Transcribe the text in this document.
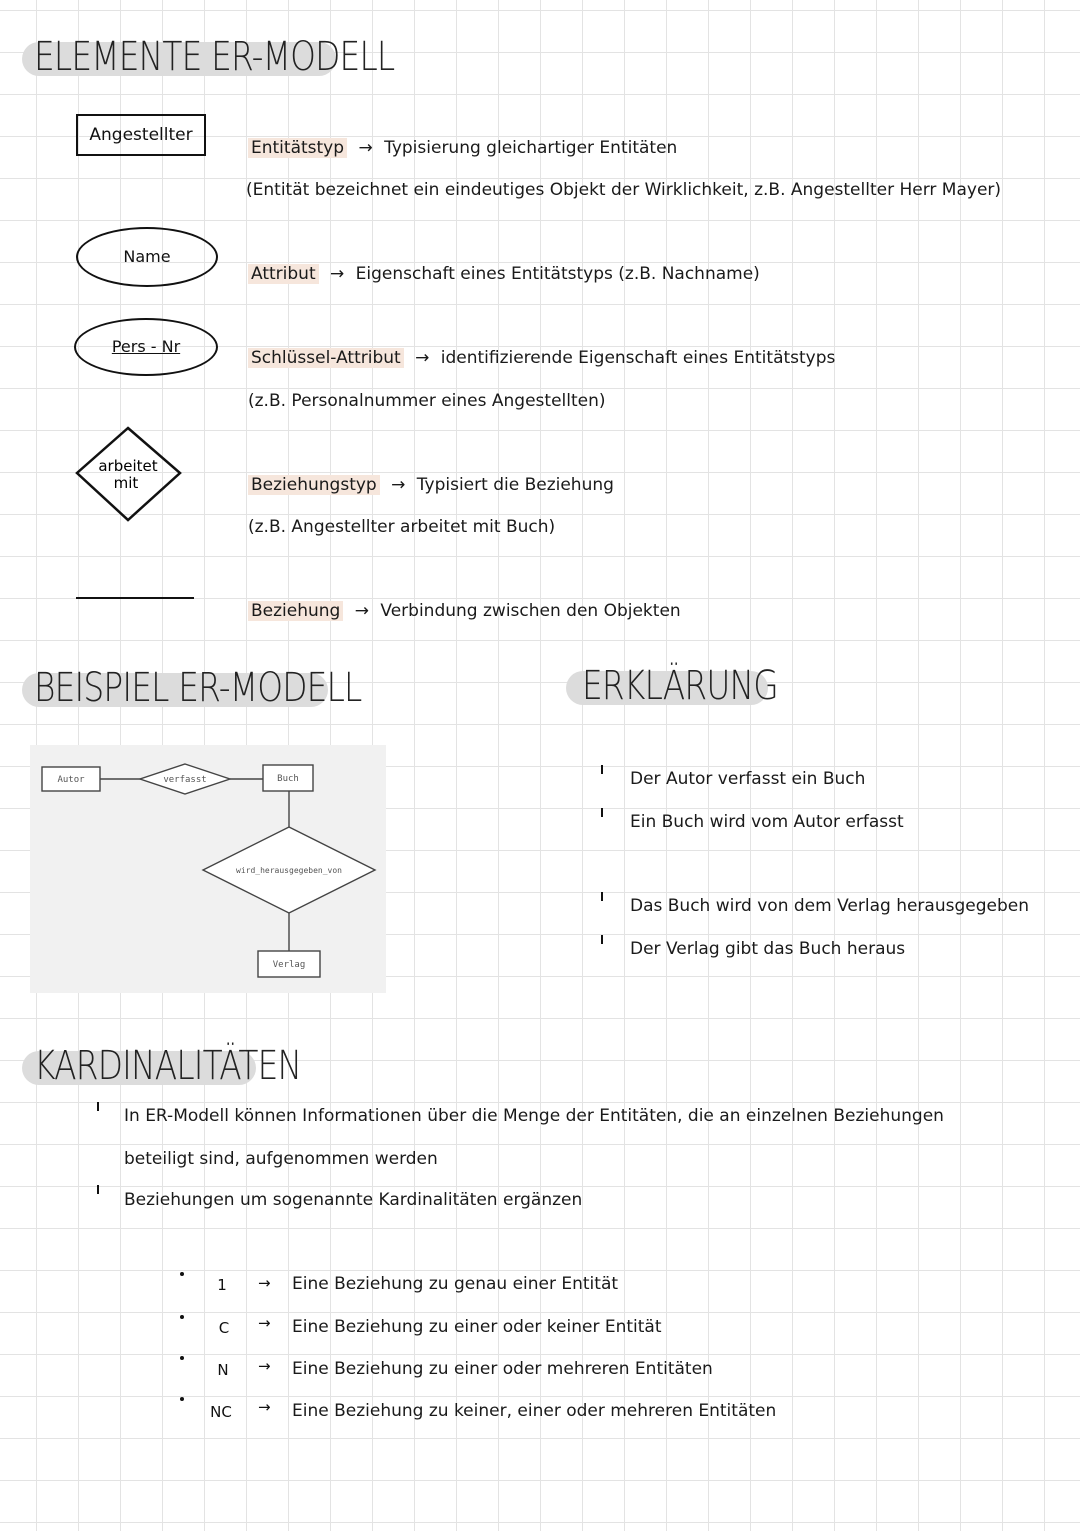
ELEMENTE ER-MODELL
Angestellter
Name
Pers - Nr
arbeitet
mit
Entitätstyp → Typisierung gleichartiger Entitäten
(Entität bezeichnet ein eindeutiges Objekt der Wirklichkeit, z.B. Angestellter Herr Mayer)
Attribut → Eigenschaft eines Entitätstyps (z.B. Nachname)
Schlüssel-Attribut → identifizierende Eigenschaft eines Entitätstyps
(z.B. Personalnummer eines Angestellten)
Beziehungstyp → Typisiert die Beziehung
(z.B. Angestellter arbeitet mit Buch)
Beziehung → Verbindung zwischen den Objekten
BEISPIEL ER-MODELL	ERKLÄRUNG
Autor	verfasst	Buch
wird_herausgegeben_von
Verlag
Der Autor verfasst ein Buch
Ein Buch wird vom Autor erfasst
Das Buch wird von dem Verlag herausgegeben
Der Verlag gibt das Buch heraus
KARDINALITÄTEN
In ER-Modell können Informationen über die Menge der Entitäten, die an einzelnen Beziehungen
beteiligt sind, aufgenommen werden
Beziehungen um sogenannte Kardinalitäten ergänzen
1	→ Eine Beziehung zu genau einer Entität
C	→ Eine Beziehung zu einer oder keiner Entität
N	→ Eine Beziehung zu einer oder mehreren Entitäten
NC → Eine Beziehung zu keiner, einer oder mehreren Entitäten
